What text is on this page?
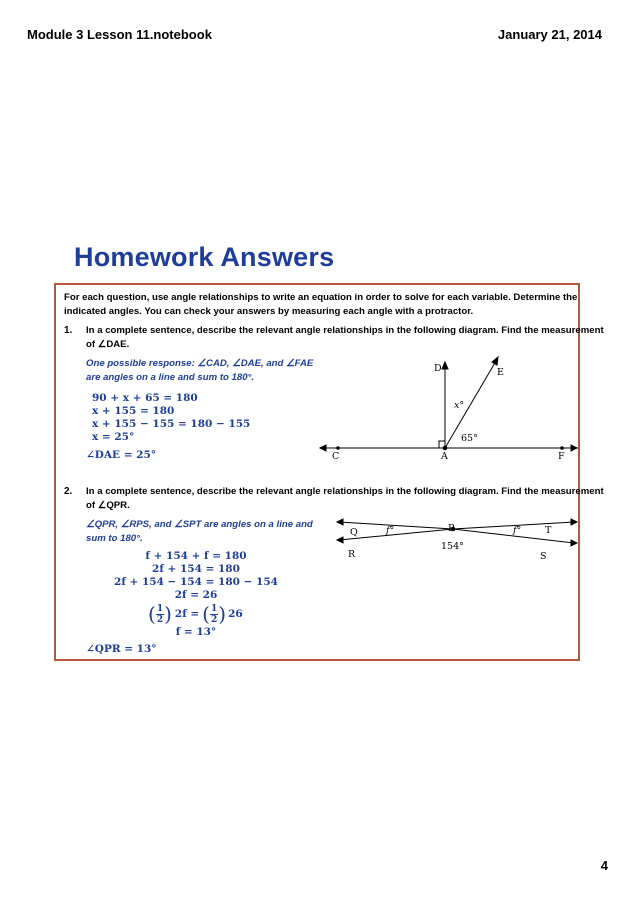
Module 3 Lesson 11.notebook	January 21, 2014
Homework Answers
For each question, use angle relationships to write an equation in order to solve for each variable. Determine the
indicated angles. You can check your answers by measuring each angle with a protractor.
1. In a complete sentence, describe the relevant angle relationships in the following diagram. Find the measurement
of ∠DAE.
One possible response: ∠CAD, ∠DAE, and ∠FAE
are angles on a line and sum to 180°.
90 + x + 65 = 180
x + 155 = 180
x + 155 − 155 = 180 − 155
x = 25°
∠DAE = 25°	C	A	F
D	E
x°
65°
Q	P	T
R	S
f°	f°
154°
2. In a complete sentence, describe the relevant angle relationships in the following diagram. Find the measurement
of ∠QPR.
∠QPR, ∠RPS, and ∠SPT are angles on a line and
sum to 180°.
f + 154 + f = 180
2f + 154 = 180
2f + 154 − 154 = 180 − 154
2f = 26
( $\frac{1}{2}$ ) 2f = ( $\frac{1}{2}$ ) 26
f = 13°
∠QPR = 13°
4
